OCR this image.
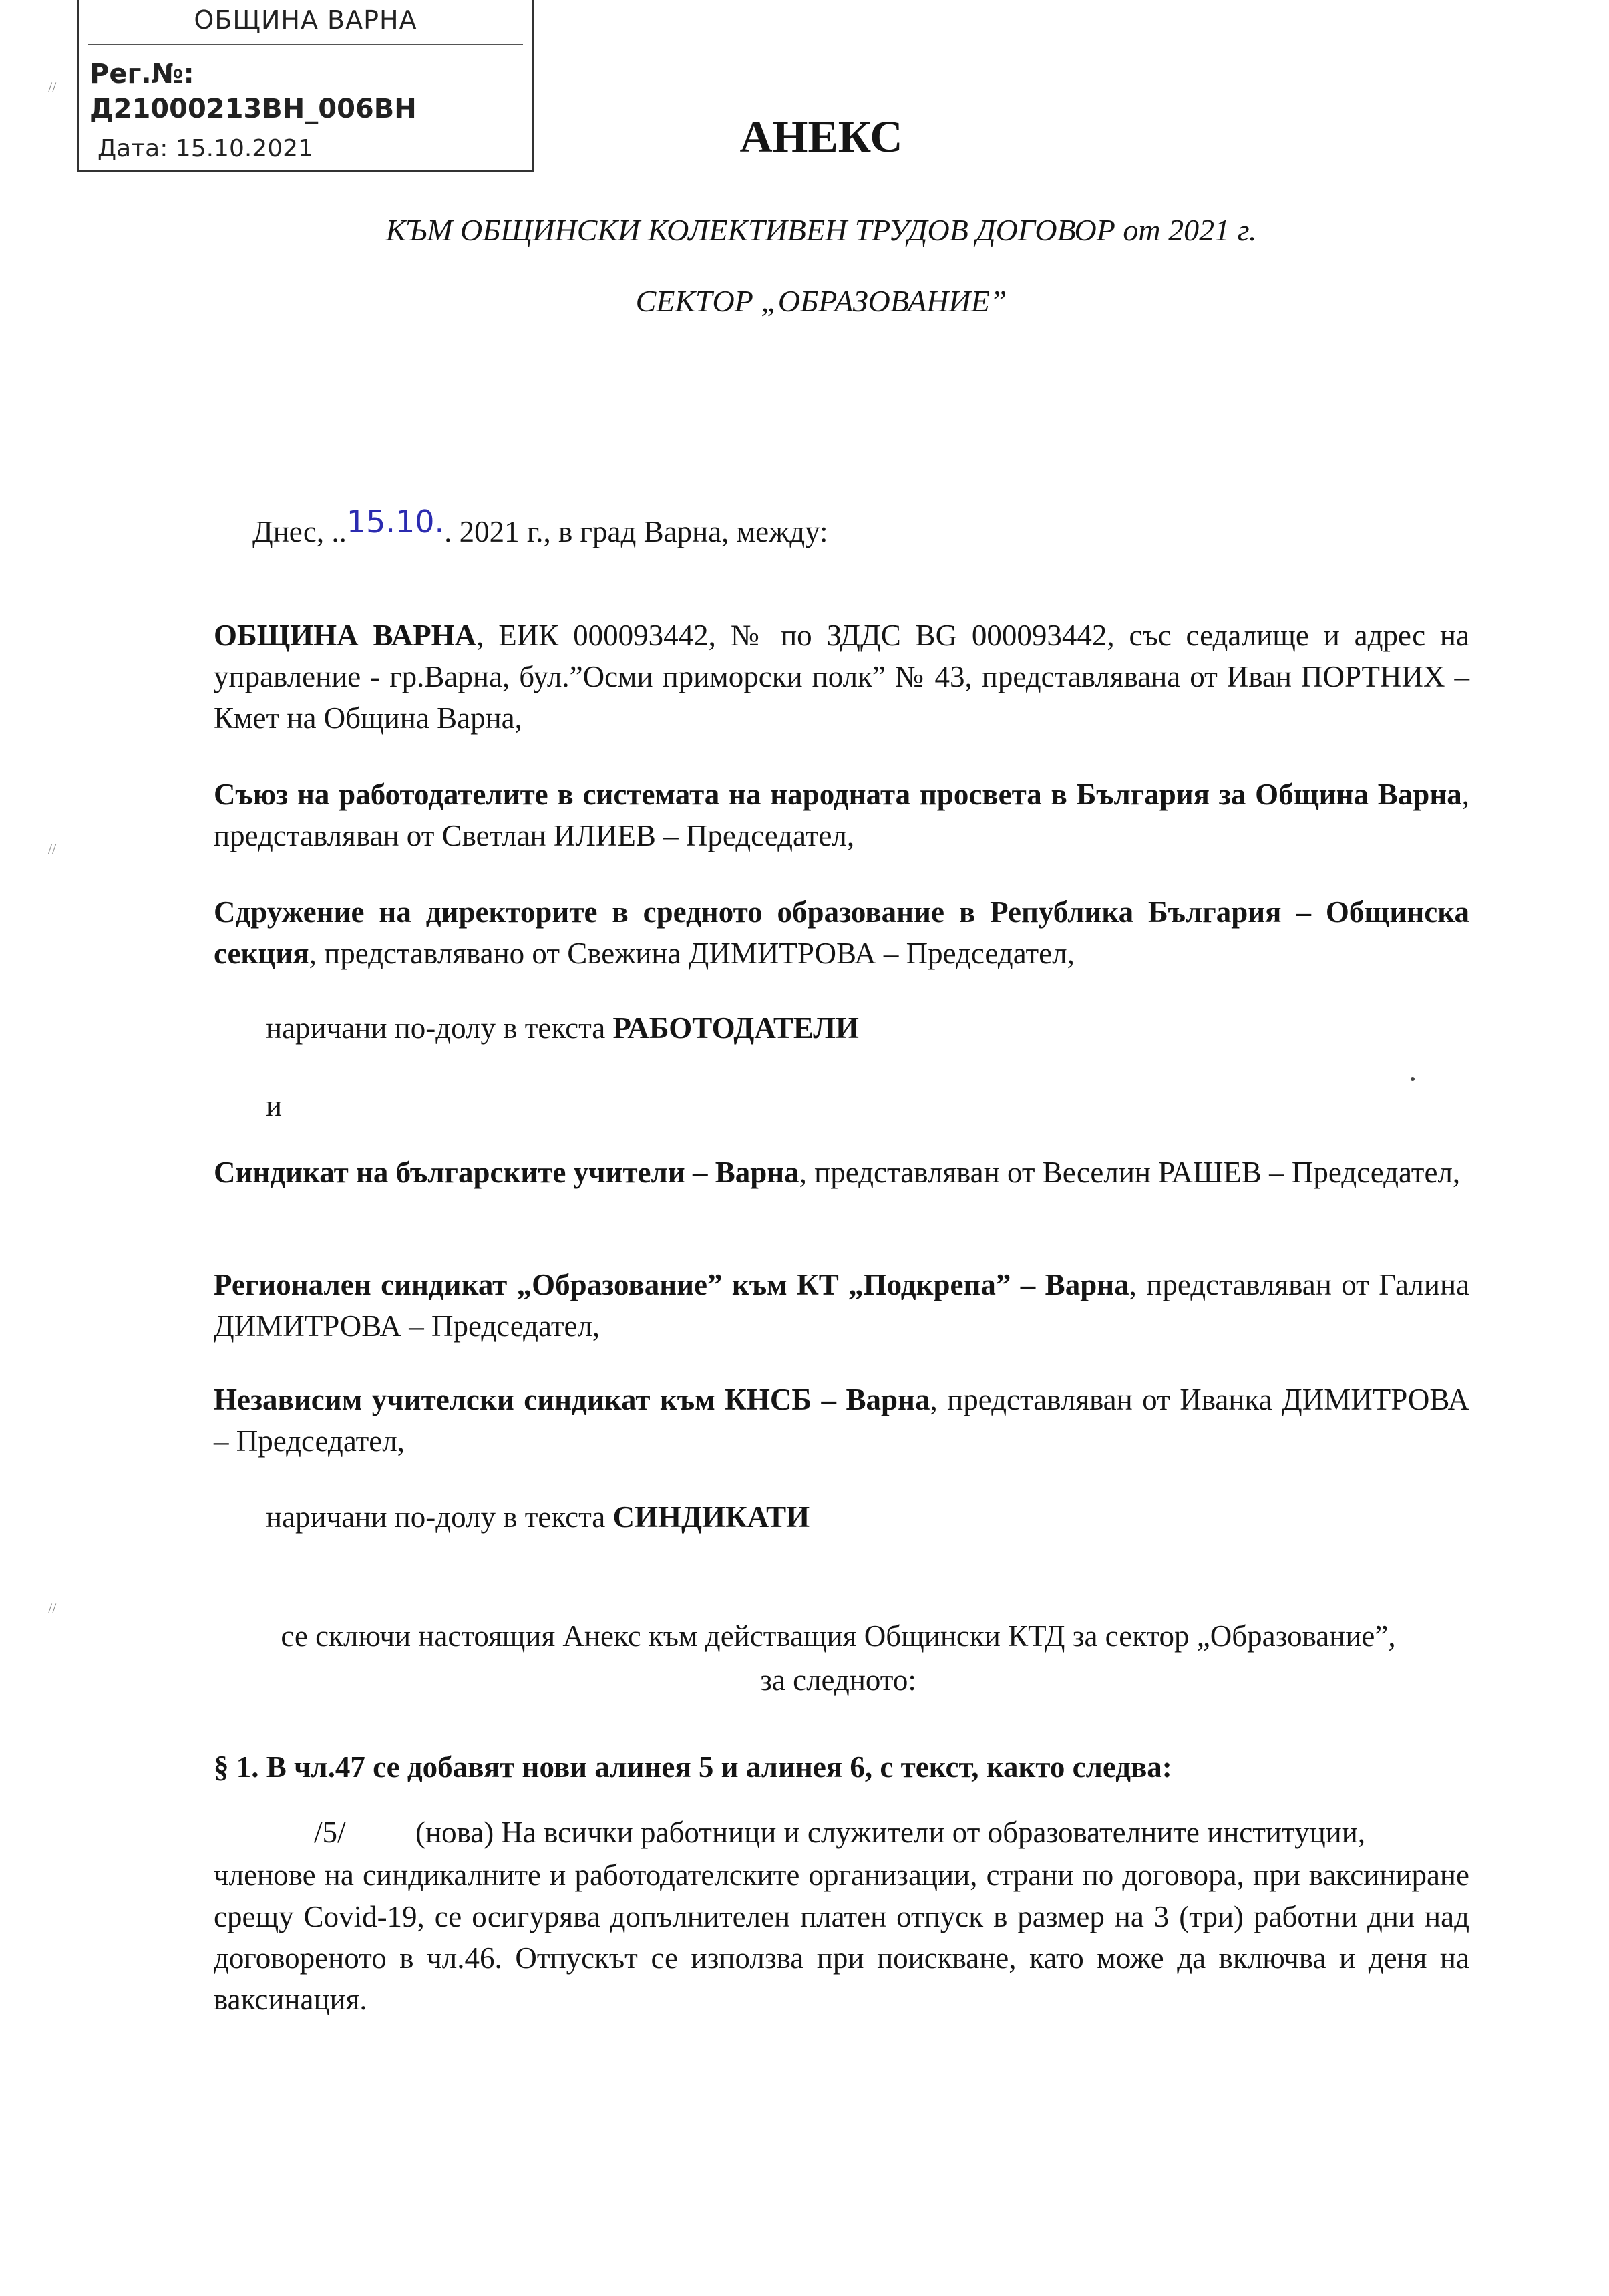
ОБЩИНА ВАРНА
Рег.№:
Д21000213ВН_006ВН
Дата: 15.10.2021
//
//
//
АНЕКС
КЪМ ОБЩИНСКИ КОЛЕКТИВЕН ТРУДОВ ДОГОВОР от 2021 г.
СЕКТОР „ОБРАЗОВАНИЕ”
Днес, ..15.10.. 2021 г., в град Варна, между:
ОБЩИНА ВАРНА, ЕИК 000093442, № по ЗДДС BG 000093442, със седалище и адрес на управление - гр.Варна, бул.”Осми приморски полк” № 43, представлявана от Иван ПОРТНИХ – Кмет на Община Варна,
Съюз на работодателите в системата на народната просвета в България за Община Варна, представляван от Светлан ИЛИЕВ – Председател,
Сдружение на директорите в средното образование в Република България – Общинска секция, представлявано от Свежина ДИМИТРОВА – Председател,
наричани по-долу в текста РАБОТОДАТЕЛИ
и
Синдикат на българските учители – Варна, представляван от Веселин РАШЕВ – Председател,
Регионален синдикат „Образование” към КТ „Подкрепа” – Варна, представляван от Галина ДИМИТРОВА – Председател,
Независим учителски синдикат към КНСБ – Варна, представляван от Иванка ДИМИТРОВА – Председател,
наричани по-долу в текста СИНДИКАТИ
се сключи настоящия Анекс към действащия Общински КТД за сектор „Образование”,
за следното:
§ 1. В чл.47 се добавят нови алинея 5 и алинея 6, с текст, както следва:
/5/ (нова) На всички работници и служители от образователните институции,
членове на синдикалните и работодателските организации, страни по договора, при ваксиниране срещу Covid-19, се осигурява допълнителен платен отпуск в размер на 3 (три) работни дни над договореното в чл.46. Отпускът се използва при поискване, като може да включва и деня на ваксинация.
